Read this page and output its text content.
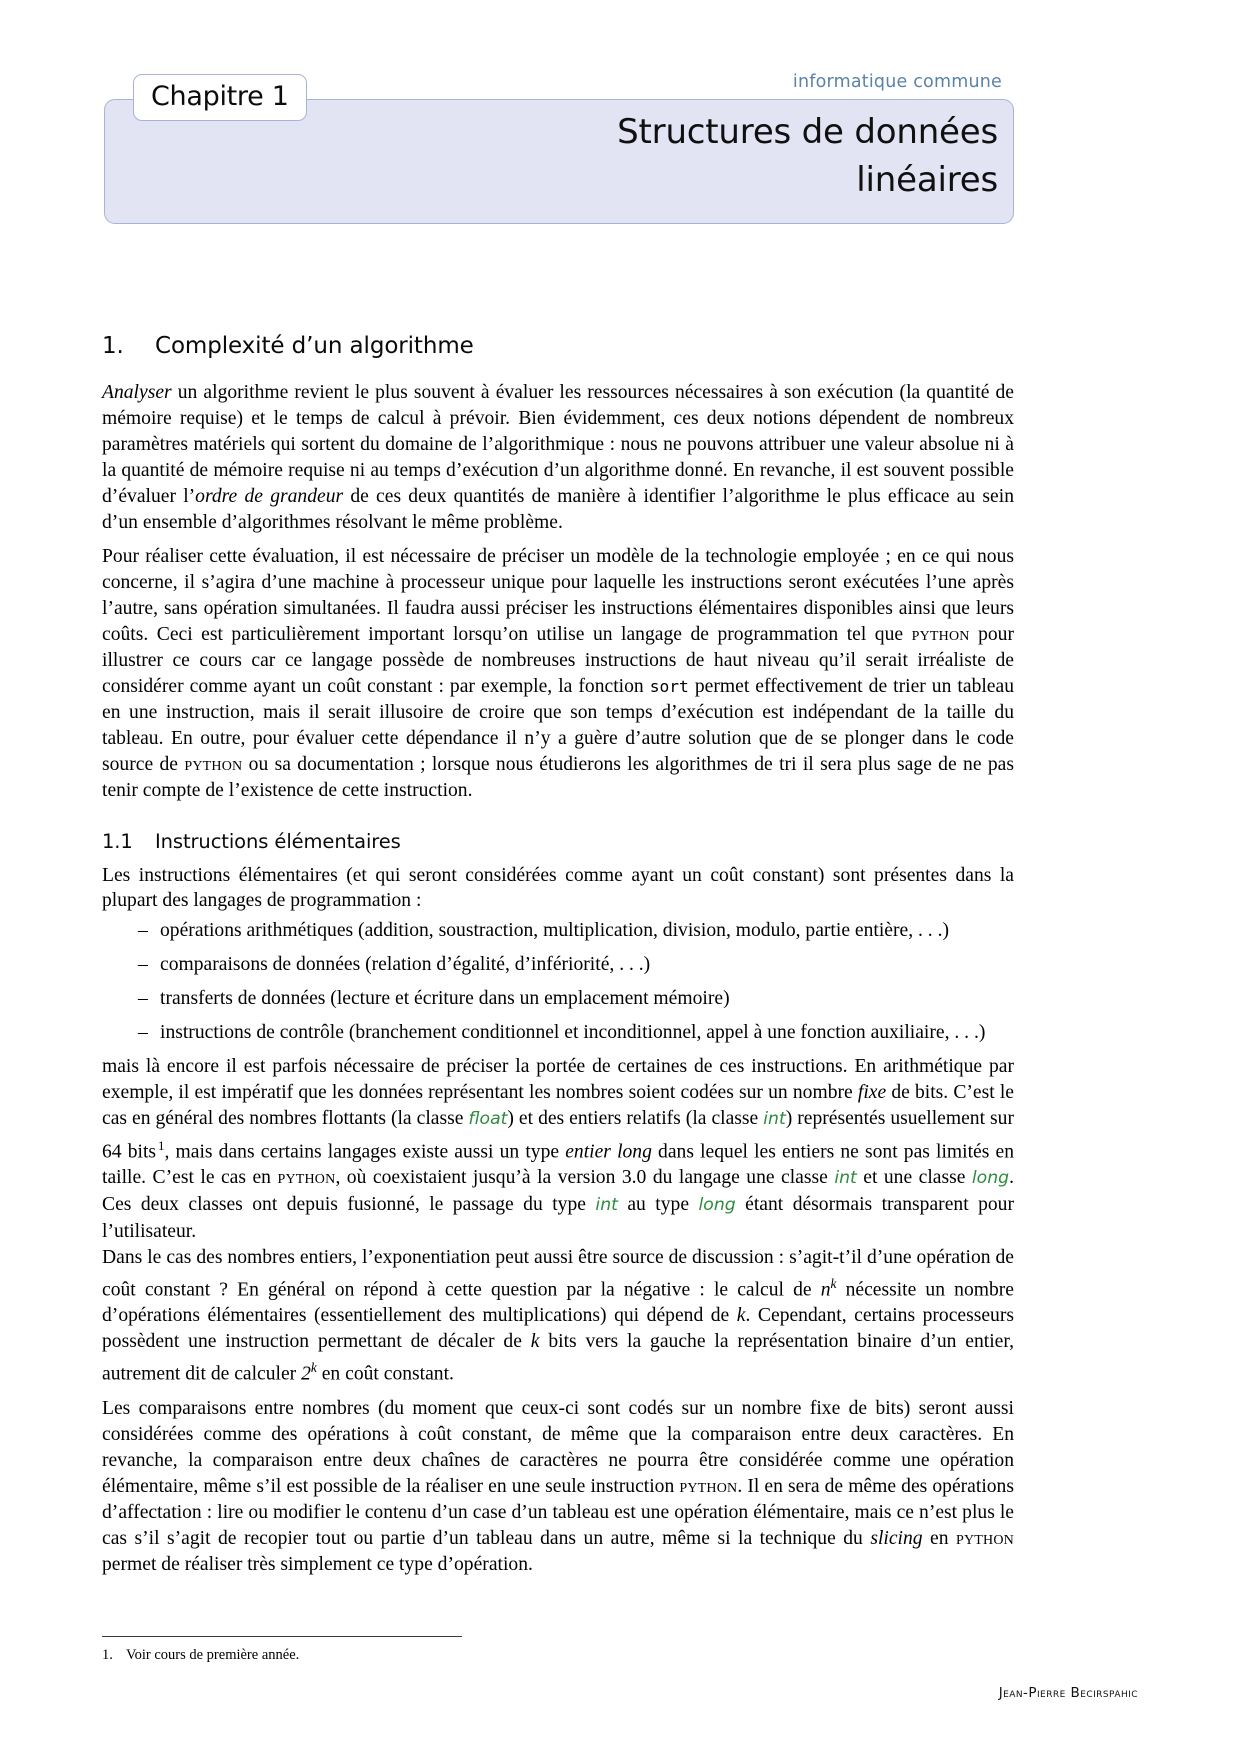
informatique commune
Structures de données
linéaires
Chapitre 1
1. Complexité d’un algorithme

Analyser un algorithme revient le plus souvent à évaluer les ressources nécessaires à son exécution (la quantité de mémoire requise) et le temps de calcul à prévoir. Bien évidemment, ces deux notions dépendent de nombreux paramètres matériels qui sortent du domaine de l’algorithmique : nous ne pouvons attribuer une valeur absolue ni à la quantité de mémoire requise ni au temps d’exécution d’un algorithme donné. En revanche, il est souvent possible d’évaluer l’ordre de grandeur de ces deux quantités de manière à identifier l’algorithme le plus efficace au sein d’un ensemble d’algorithmes résolvant le même problème.

Pour réaliser cette évaluation, il est nécessaire de préciser un modèle de la technologie employée ; en ce qui nous concerne, il s’agira d’une machine à processeur unique pour laquelle les instructions seront exécutées l’une après l’autre, sans opération simultanées. Il faudra aussi préciser les instructions élémentaires disponibles ainsi que leurs coûts. Ceci est particulièrement important lorsqu’on utilise un langage de programmation tel que python pour illustrer ce cours car ce langage possède de nombreuses instructions de haut niveau qu’il serait irréaliste de considérer comme ayant un coût constant : par exemple, la fonction sort permet effectivement de trier un tableau en une instruction, mais il serait illusoire de croire que son temps d’exécution est indépendant de la taille du tableau. En outre, pour évaluer cette dépendance il n’y a guère d’autre solution que de se plonger dans le code source de python ou sa documentation ; lorsque nous étudierons les algorithmes de tri il sera plus sage de ne pas tenir compte de l’existence de cette instruction.

1.1 Instructions élémentaires

Les instructions élémentaires (et qui seront considérées comme ayant un coût constant) sont présentes dans la plupart des langages de programmation :

– opérations arithmétiques (addition, soustraction, multiplication, division, modulo, partie entière, . . .)
– comparaisons de données (relation d’égalité, d’infériorité, . . .)
– transferts de données (lecture et écriture dans un emplacement mémoire)
– instructions de contrôle (branchement conditionnel et inconditionnel, appel à une fonction auxiliaire, . . .)

mais là encore il est parfois nécessaire de préciser la portée de certaines de ces instructions. En arithmétique par exemple, il est impératif que les données représentant les nombres soient codées sur un nombre fixe de bits. C’est le cas en général des nombres flottants (la classe float) et des entiers relatifs (la classe int) représentés usuellement sur 64 bits $^1$, mais dans certains langages existe aussi un type entier long dans lequel les entiers ne sont pas limités en taille. C’est le cas en python, où coexistaient jusqu’à la version 3.0 du langage une classe int et une classe long. Ces deux classes ont depuis fusionné, le passage du type int au type long étant désormais transparent pour l’utilisateur.

Dans le cas des nombres entiers, l’exponentiation peut aussi être source de discussion : s’agit-t’il d’une opération de coût constant ? En général on répond à cette question par la négative : le calcul de $n^k$ nécessite un nombre d’opérations élémentaires (essentiellement des multiplications) qui dépend de k. Cependant, certains processeurs possèdent une instruction permettant de décaler de k bits vers la gauche la représentation binaire d’un entier, autrement dit de calculer 2$^k$ en coût constant.

Les comparaisons entre nombres (du moment que ceux-ci sont codés sur un nombre fixe de bits) seront aussi considérées comme des opérations à coût constant, de même que la comparaison entre deux caractères. En revanche, la comparaison entre deux chaînes de caractères ne pourra être considérée comme une opération élémentaire, même s’il est possible de la réaliser en une seule instruction python. Il en sera de même des opérations d’affectation : lire ou modifier le contenu d’un case d’un tableau est une opération élémentaire, mais ce n’est plus le cas s’il s’agit de recopier tout ou partie d’un tableau dans un autre, même si la technique du slicing en python permet de réaliser très simplement ce type d’opération.

1. Voir cours de première année.
Jean-Pierre Becirspahic
